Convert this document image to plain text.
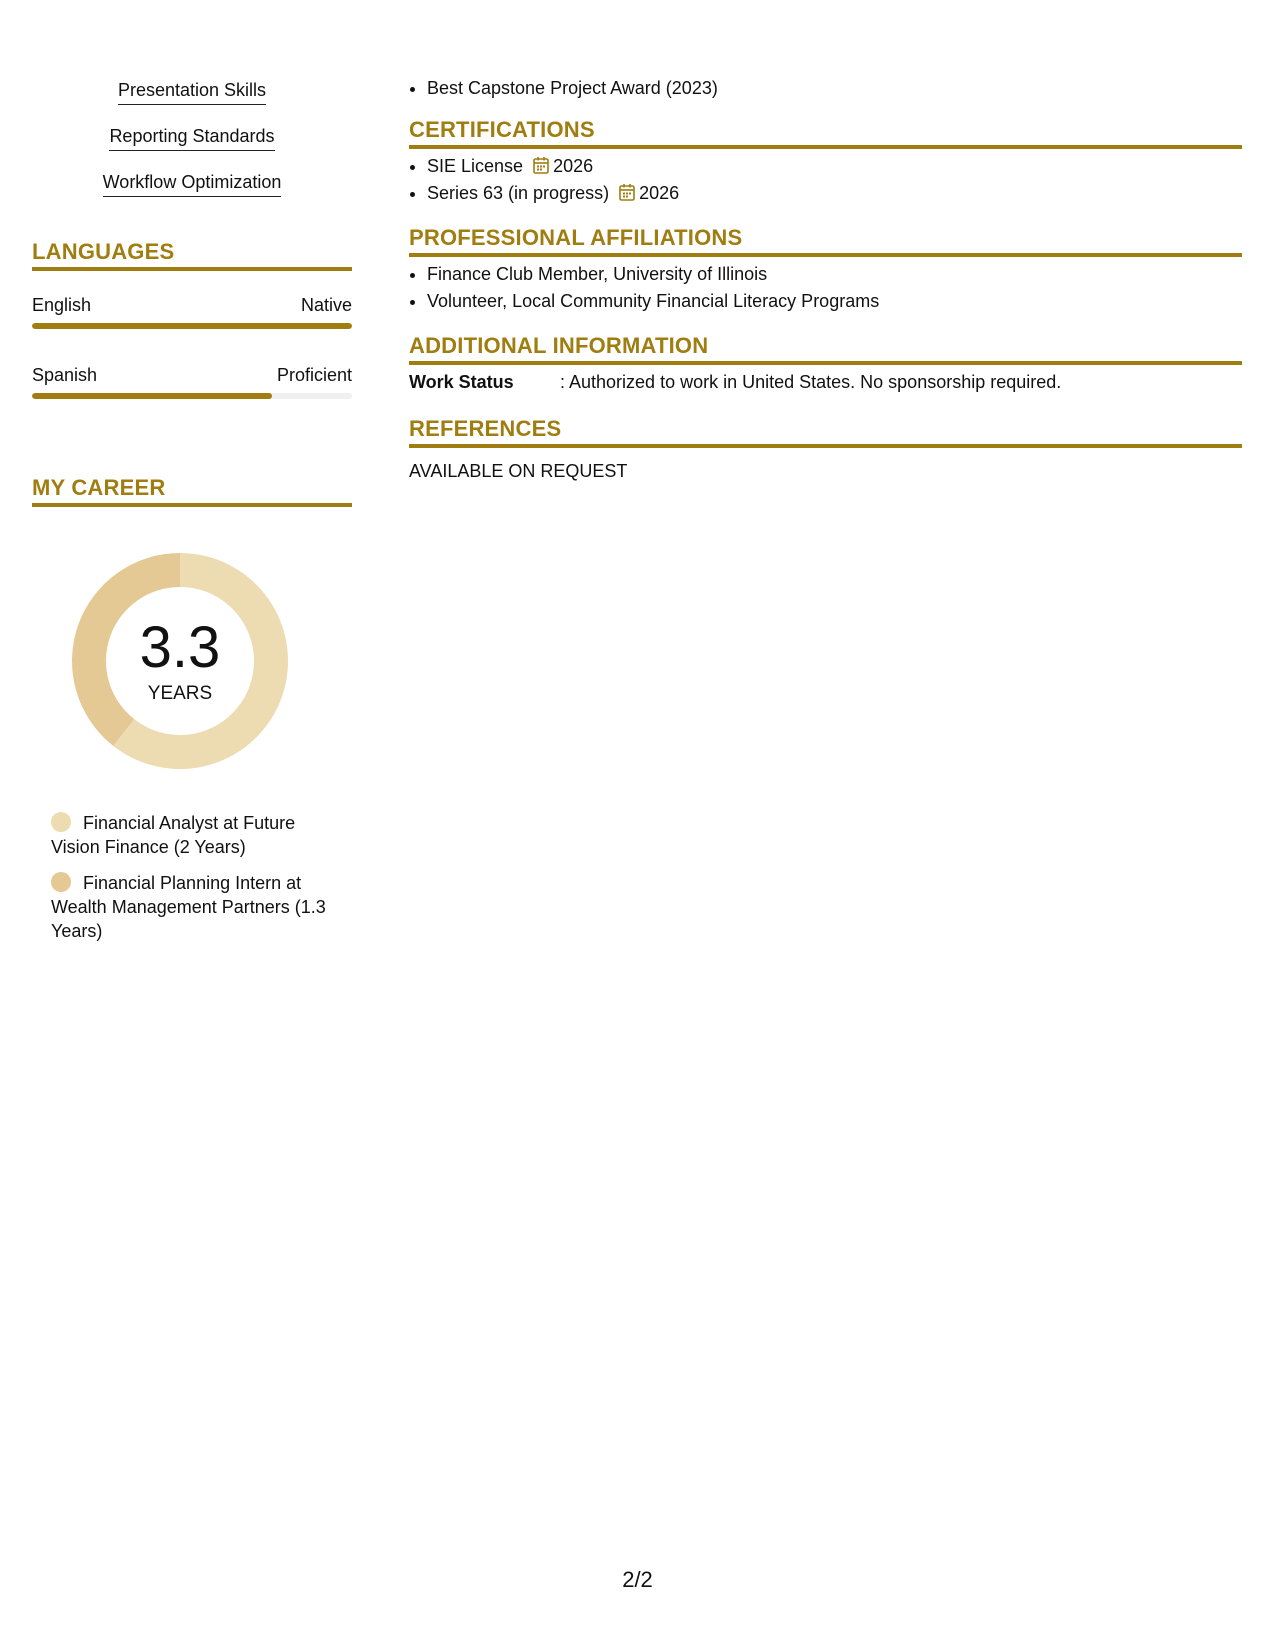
Presentation Skills
Reporting Standards
Workflow Optimization
LANGUAGES
English	Native
Spanish	Proficient
MY CAREER
3.3
YEARS
Financial Analyst at Future Vision Finance (2 Years)
Financial Planning Intern at Wealth Management Partners (1.3 Years)
• Best Capstone Project Award (2023)
CERTIFICATIONS
• SIE License 2026
• Series 63 (in progress) 2026
PROFESSIONAL AFFILIATIONS
• Finance Club Member, University of Illinois
• Volunteer, Local Community Financial Literacy Programs
ADDITIONAL INFORMATION
Work Status	: Authorized to work in United States. No sponsorship required.
REFERENCES
AVAILABLE ON REQUEST
2/2
